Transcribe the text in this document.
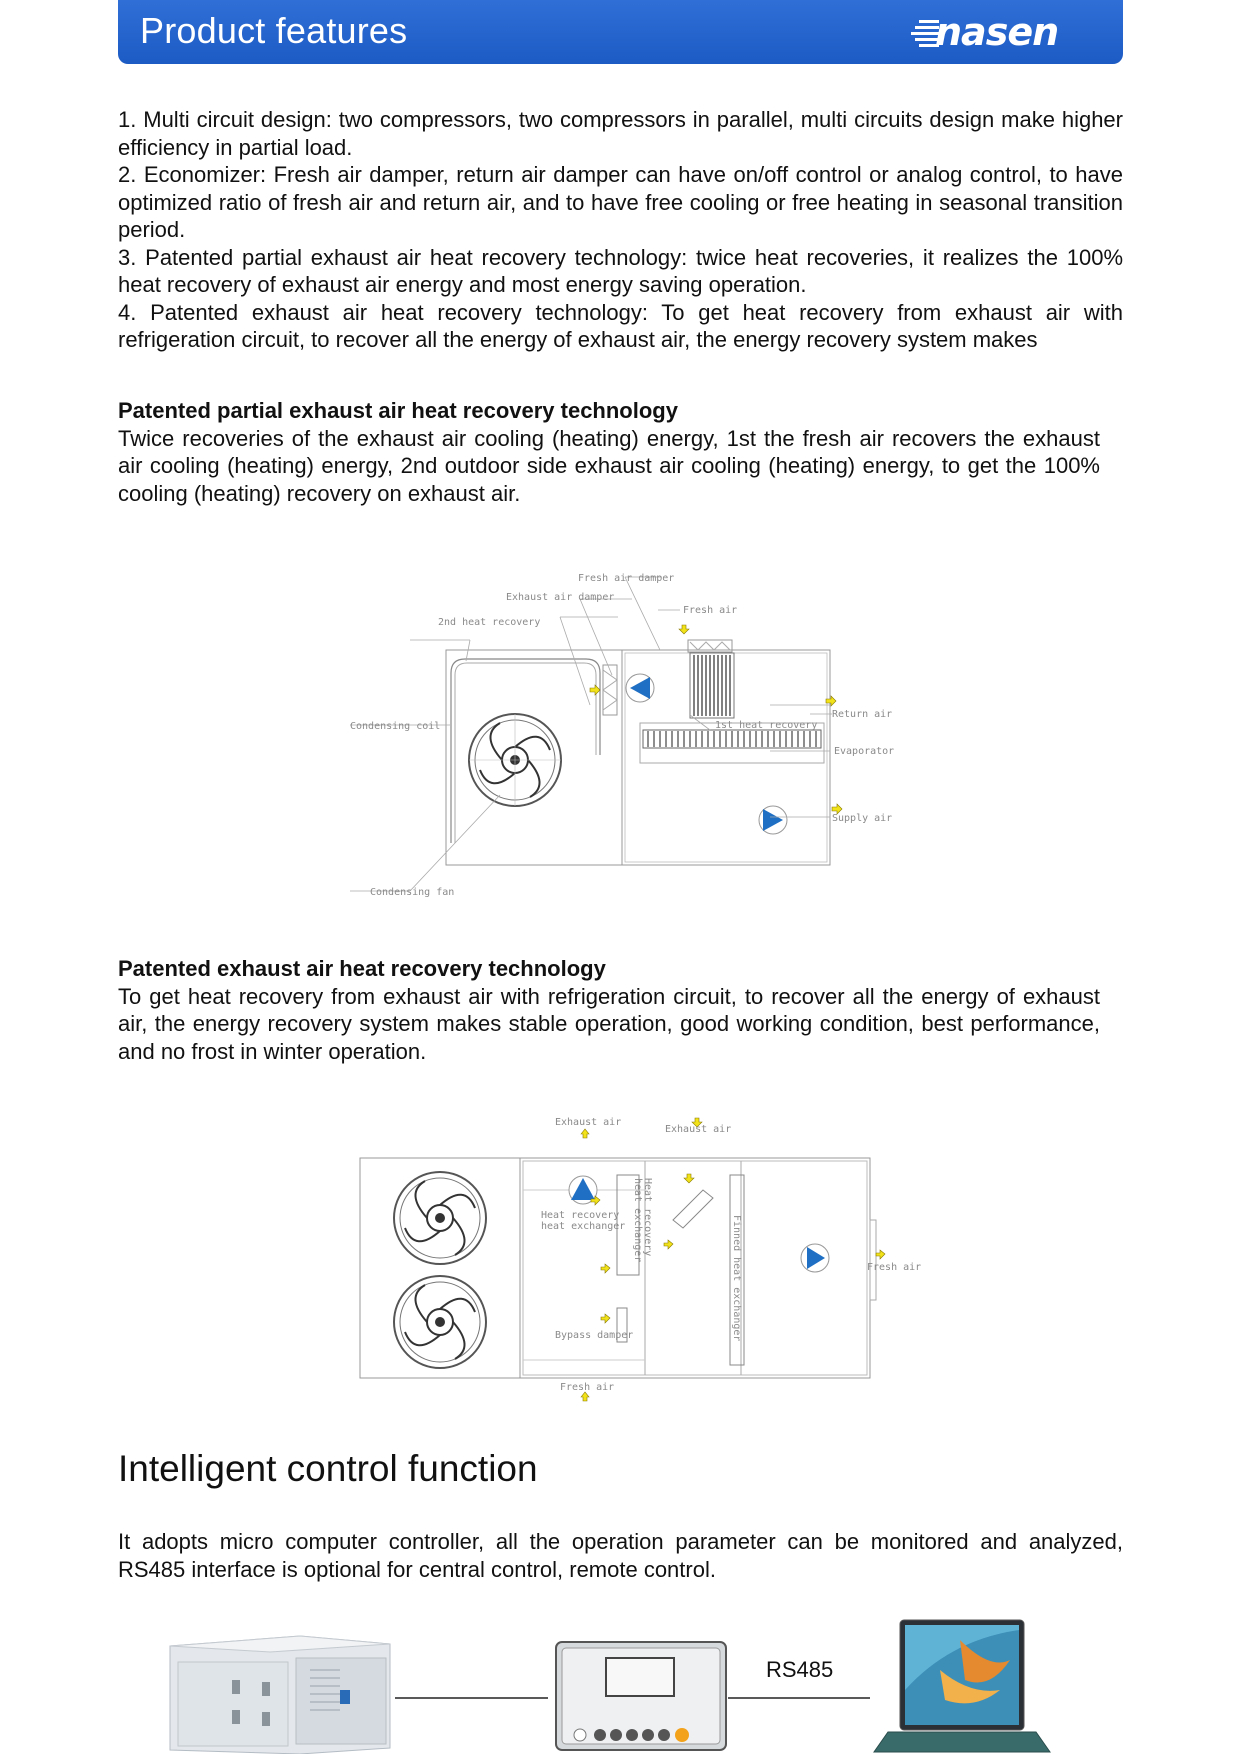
Product features	nasen

1. Multi circuit design: two compressors, two compressors in parallel, multi circuits design make higher efficiency in partial load.

2. Economizer: Fresh air damper, return air damper can have on/off control or analog control, to have optimized ratio of fresh air and return air, and to have free cooling or free heating in seasonal transition period.

3. Patented partial exhaust air heat recovery technology: twice heat recoveries, it realizes the 100% heat recovery of exhaust air energy and most energy saving operation.

4. Patented exhaust air heat recovery technology: To get heat recovery from exhaust air with refrigeration circuit, to recover all the energy of exhaust air, the energy recovery system makes

Patented partial exhaust air heat recovery technology

Twice recoveries of the exhaust air cooling (heating) energy, 1st the fresh air recovers the exhaust air cooling (heating) energy, 2nd outdoor side exhaust air cooling (heating) energy, to get the 100% cooling (heating) recovery on exhaust air.

Fresh air damper
Exhaust air damper
2nd heat recovery
Fresh air
Return air
1st heat recovery
Evaporator
Supply air
Condensing coil
Condensing fan

Patented exhaust air heat recovery technology

To get heat recovery from exhaust air with refrigeration circuit, to recover all the energy of exhaust air, the energy recovery system makes stable operation, good working condition, best performance, and no frost in winter operation.

Exhaust air
Exhaust air
Heat recovery
heat exchanger Heat recovery
heat exchanger	Finned heat exchanger	Fresh air
Bypass damper
Fresh air
Intelligent control function

It adopts micro computer controller, all the operation parameter can be monitored and analyzed, RS485 interface is optional for central control, remote control.

RS485
